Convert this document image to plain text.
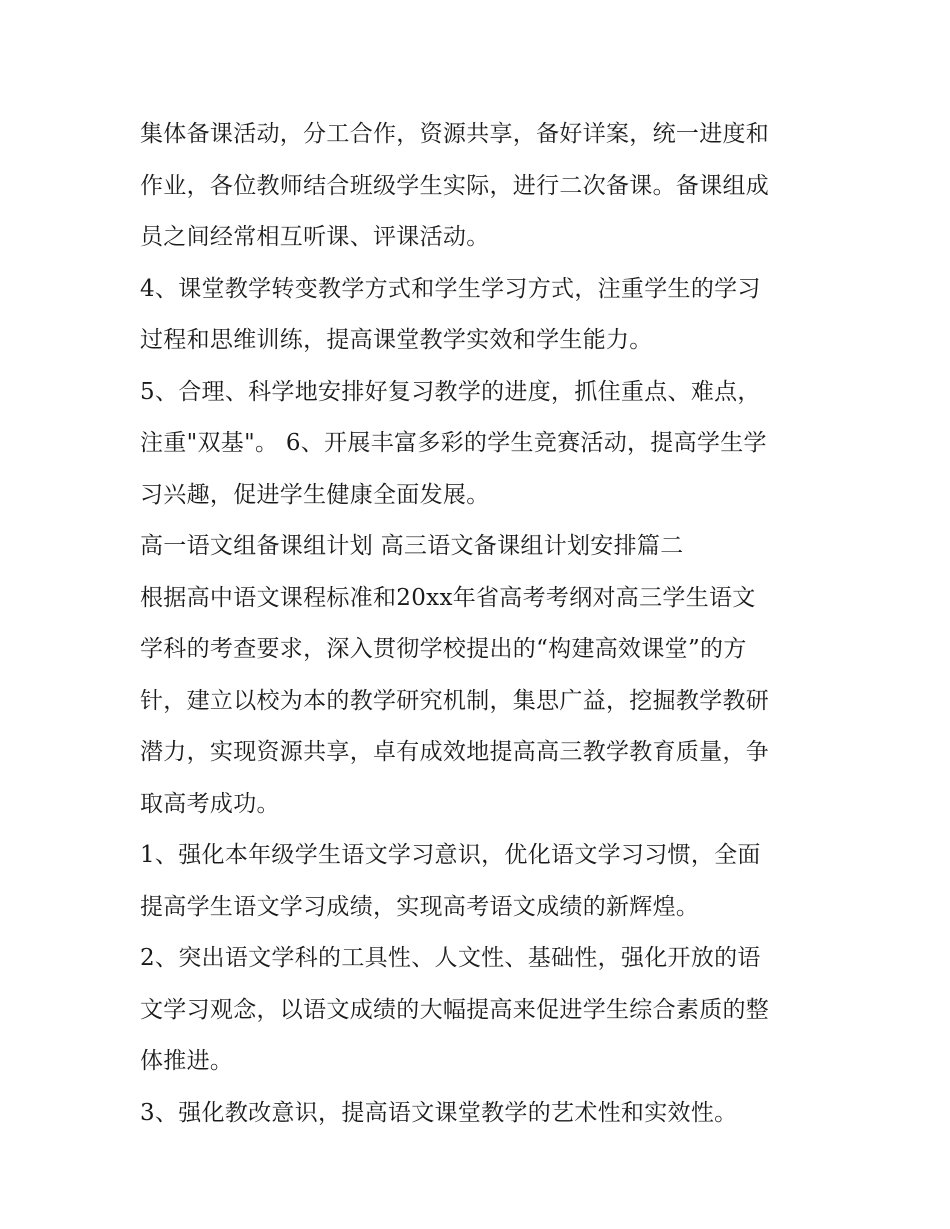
集体备课活动，分工合作，资源共享，备好详案，统一进度和
作业，各位教师结合班级学生实际，进行二次备课。备课组成
员之间经常相互听课、评课活动。

4、课堂教学转变教学方式和学生学习方式，注重学生的学习
过程和思维训练，提高课堂教学实效和学生能力。

5、合理、科学地安排好复习教学的进度，抓住重点、难点，
注重"双基"。 6、开展丰富多彩的学生竞赛活动，提高学生学
习兴趣，促进学生健康全面发展。

高一语文组备课组计划 高三语文备课组计划安排篇二

根据高中语文课程标准和20xx年省高考考纲对高三学生语文
学科的考查要求，深入贯彻学校提出的“构建高效课堂”的方
针，建立以校为本的教学研究机制，集思广益，挖掘教学教研
潜力，实现资源共享，卓有成效地提高高三教学教育质量，争
取高考成功。

1、强化本年级学生语文学习意识，优化语文学习习惯，全面
提高学生语文学习成绩，实现高考语文成绩的新辉煌。

2、突出语文学科的工具性、人文性、基础性，强化开放的语
文学习观念，以语文成绩的大幅提高来促进学生综合素质的整
体推进。

3、强化教改意识，提高语文课堂教学的艺术性和实效性。
